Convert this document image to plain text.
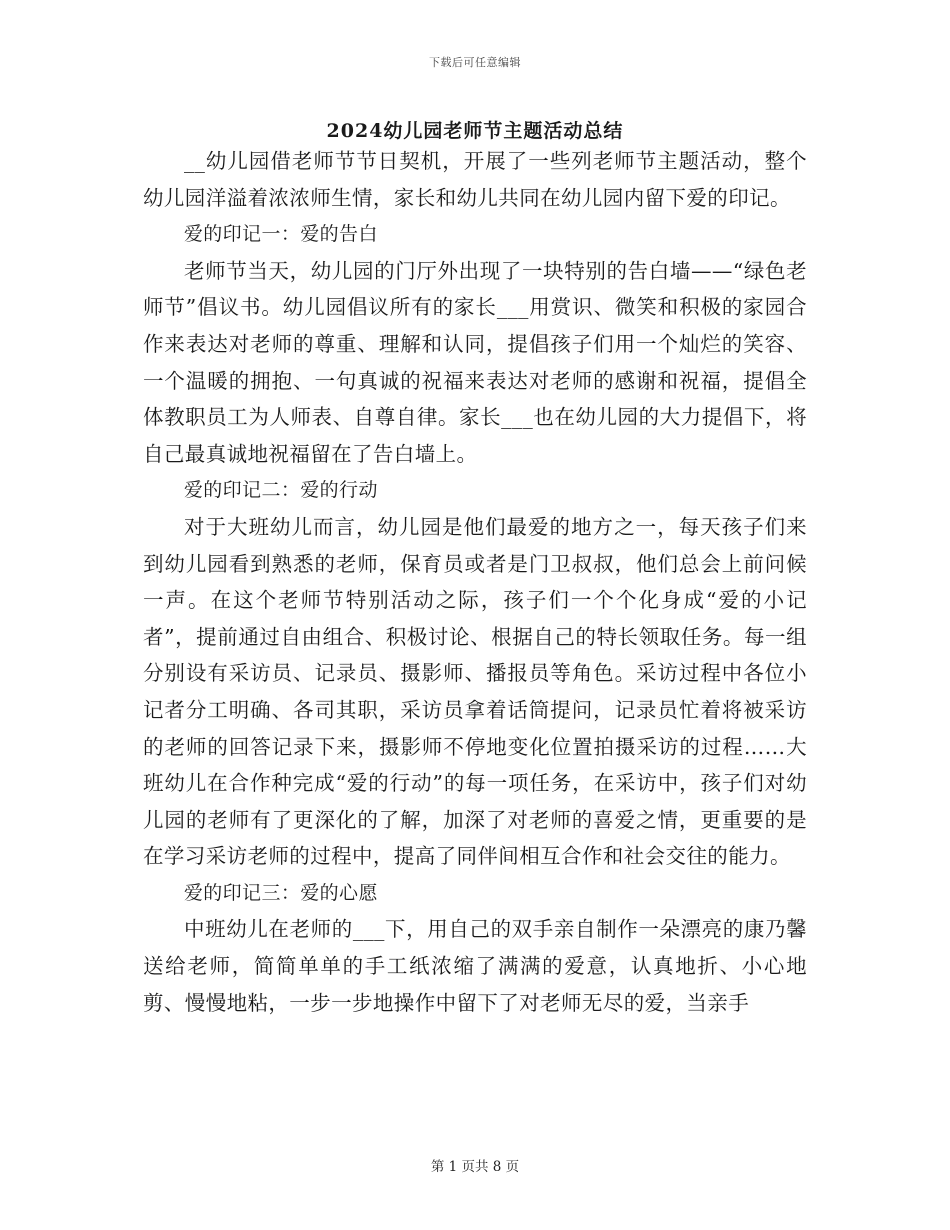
下载后可任意编辑
2024幼儿园老师节主题活动总结

__幼儿园借老师节节日契机，开展了一些列老师节主题活动，整个幼儿园洋溢着浓浓师生情，家长和幼儿共同在幼儿园内留下爱的印记。

爱的印记一：爱的告白

老师节当天，幼儿园的门厅外出现了一块特别的告白墙——“绿色老师节”倡议书。幼儿园倡议所有的家长___用赏识、微笑和积极的家园合作来表达对老师的尊重、理解和认同，提倡孩子们用一个灿烂的笑容、一个温暖的拥抱、一句真诚的祝福来表达对老师的感谢和祝福，提倡全体教职员工为人师表、自尊自律。家长___也在幼儿园的大力提倡下，将自己最真诚地祝福留在了告白墙上。

爱的印记二：爱的行动

对于大班幼儿而言，幼儿园是他们最爱的地方之一，每天孩子们来到幼儿园看到熟悉的老师，保育员或者是门卫叔叔，他们总会上前问候一声。在这个老师节特别活动之际，孩子们一个个化身成“爱的小记者”，提前通过自由组合、积极讨论、根据自己的特长领取任务。每一组分别设有采访员、记录员、摄影师、播报员等角色。采访过程中各位小记者分工明确、各司其职，采访员拿着话筒提问，记录员忙着将被采访的老师的回答记录下来，摄影师不停地变化位置拍摄采访的过程……大班幼儿在合作种完成“爱的行动”的每一项任务，在采访中，孩子们对幼儿园的老师有了更深化的了解，加深了对老师的喜爱之情，更重要的是在学习采访老师的过程中，提高了同伴间相互合作和社会交往的能力。

爱的印记三：爱的心愿

中班幼儿在老师的___下，用自己的双手亲自制作一朵漂亮的康乃馨送给老师，简简单单的手工纸浓缩了满满的爱意，认真地折、小心地剪、慢慢地粘，一步一步地操作中留下了对老师无尽的爱，当亲手

第 1 页共 8 页
